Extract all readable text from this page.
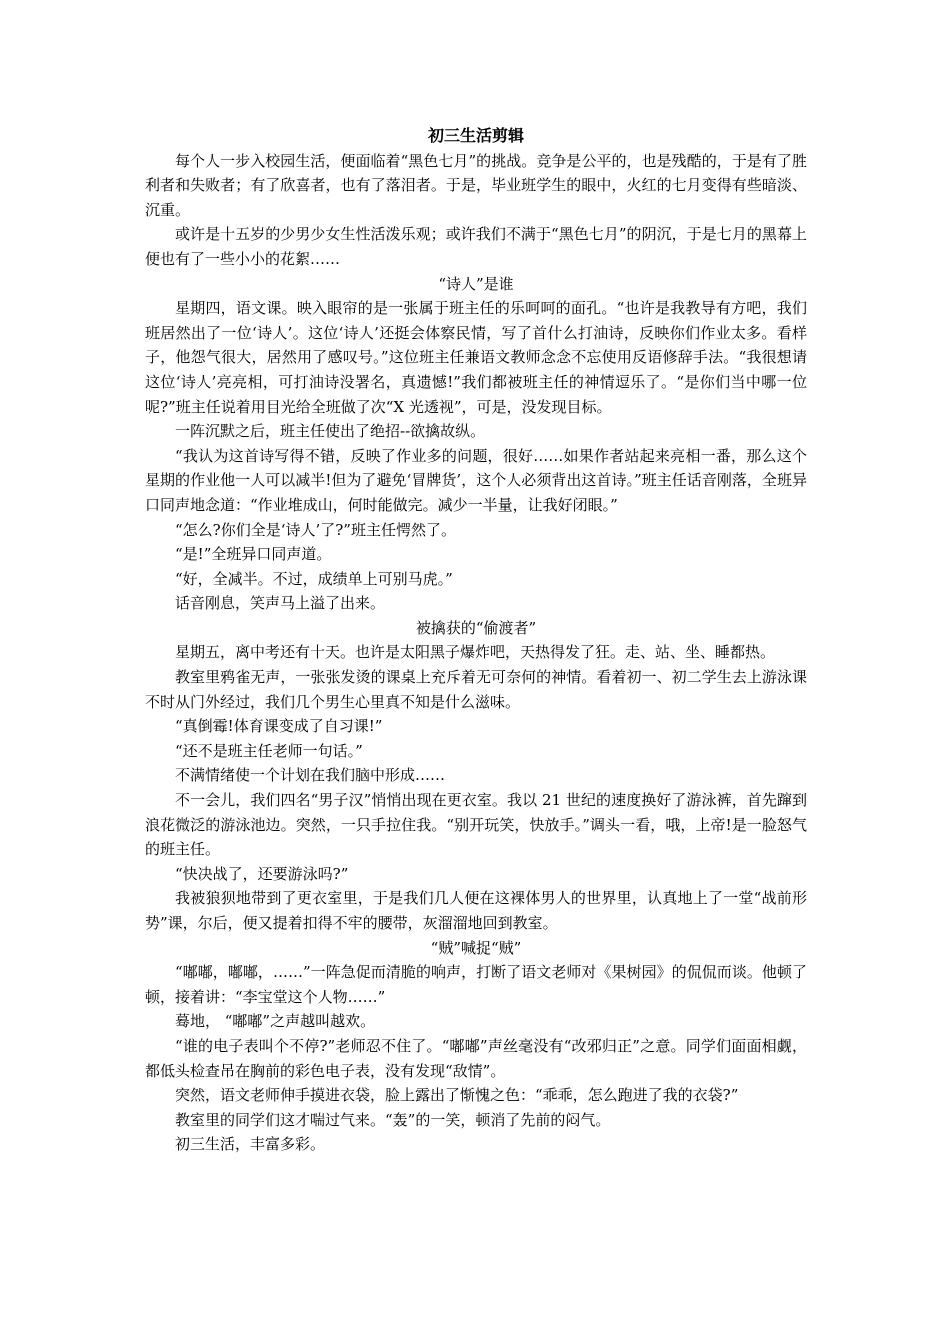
初三生活剪辑
每个人一步入校园生活，便面临着“黑色七月”的挑战。竞争是公平的，也是残酷的，于是有了胜利者和失败者；有了欣喜者，也有了落泪者。于是，毕业班学生的眼中，火红的七月变得有些暗淡、沉重。
或许是十五岁的少男少女生性活泼乐观；或许我们不满于“黑色七月”的阴沉，于是七月的黑幕上便也有了一些小小的花絮……
“诗人”是谁
星期四，语文课。映入眼帘的是一张属于班主任的乐呵呵的面孔。“也许是我教导有方吧，我们班居然出了一位‘诗人’。这位‘诗人’还挺会体察民情，写了首什么打油诗，反映你们作业太多。看样子，他怨气很大，居然用了感叹号。”这位班主任兼语文教师念念不忘使用反语修辞手法。“我很想请这位‘诗人’亮亮相，可打油诗没署名，真遗憾!”我们都被班主任的神情逗乐了。“是你们当中哪一位呢?”班主任说着用目光给全班做了次“X 光透视”，可是，没发现目标。
一阵沉默之后，班主任使出了绝招--欲擒故纵。
“我认为这首诗写得不错，反映了作业多的问题，很好……如果作者站起来亮相一番，那么这个星期的作业他一人可以减半!但为了避免‘冒牌货’，这个人必须背出这首诗。”班主任话音刚落，全班异口同声地念道：“作业堆成山，何时能做完。减少一半量，让我好闭眼。”
“怎么?你们全是‘诗人’了?”班主任愕然了。
“是!”全班异口同声道。
“好，全减半。不过，成绩单上可别马虎。”
话音刚息，笑声马上溢了出来。
被擒获的“偷渡者”
星期五，离中考还有十天。也许是太阳黑子爆炸吧，天热得发了狂。走、站、坐、睡都热。
教室里鸦雀无声，一张张发烫的课桌上充斥着无可奈何的神情。看着初一、初二学生去上游泳课不时从门外经过，我们几个男生心里真不知是什么滋味。
“真倒霉!体育课变成了自习课!”
“还不是班主任老师一句话。”
不满情绪使一个计划在我们脑中形成……
不一会儿，我们四名“男子汉”悄悄出现在更衣室。我以 21 世纪的速度换好了游泳裤，首先蹿到浪花微泛的游泳池边。突然，一只手拉住我。“别开玩笑，快放手。”调头一看，哦，上帝!是一脸怒气的班主任。
“快决战了，还要游泳吗?”
我被狼狈地带到了更衣室里，于是我们几人便在这裸体男人的世界里，认真地上了一堂“战前形势”课，尔后，便又提着扣得不牢的腰带，灰溜溜地回到教室。
“贼”喊捉“贼”
“嘟嘟，嘟嘟，……”一阵急促而清脆的响声，打断了语文老师对《果树园》的侃侃而谈。他顿了顿，接着讲：“李宝堂这个人物……”
蓦地， “嘟嘟”之声越叫越欢。
“谁的电子表叫个不停?”老师忍不住了。“嘟嘟”声丝毫没有“改邪归正”之意。同学们面面相觑，都低头检查吊在胸前的彩色电子表，没有发现“敌情”。
突然，语文老师伸手摸进衣袋，脸上露出了惭愧之色：“乖乖，怎么跑进了我的衣袋?”
教室里的同学们这才喘过气来。“轰”的一笑，顿消了先前的闷气。
初三生活，丰富多彩。
